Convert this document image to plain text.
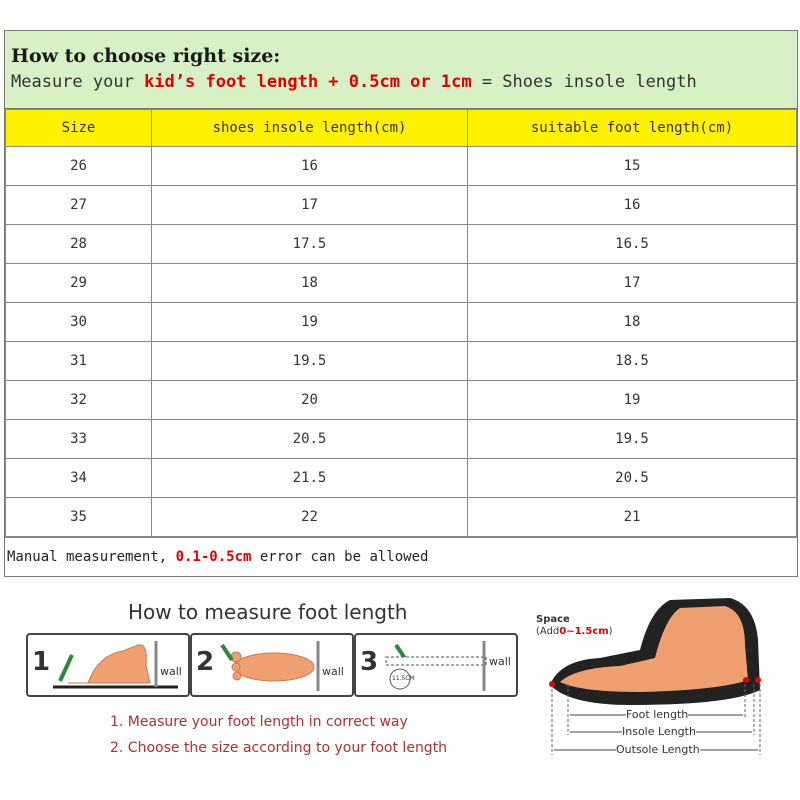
How to choose right size:
Measure your kid’s foot length + 0.5cm or 1cm = Shoes insole length
Size	shoes insole length(cm)	suitable foot length(cm)
26	16	15
27	17	16
28	17.5	16.5
29	18	17
30	19	18
31	19.5	18.5
32	20	19
33	20.5	19.5
34	21.5	20.5
35	22	21
Manual measurement, 0.1-0.5cm error can be allowed
How to measure foot length
1	wall 2	wall 3
11.5CM
wall
1. Measure your foot length in correct way
2. Choose the size according to your foot length
Space
(Add0~1.5cm)
Foot length
Insole Length
Outsole Length
